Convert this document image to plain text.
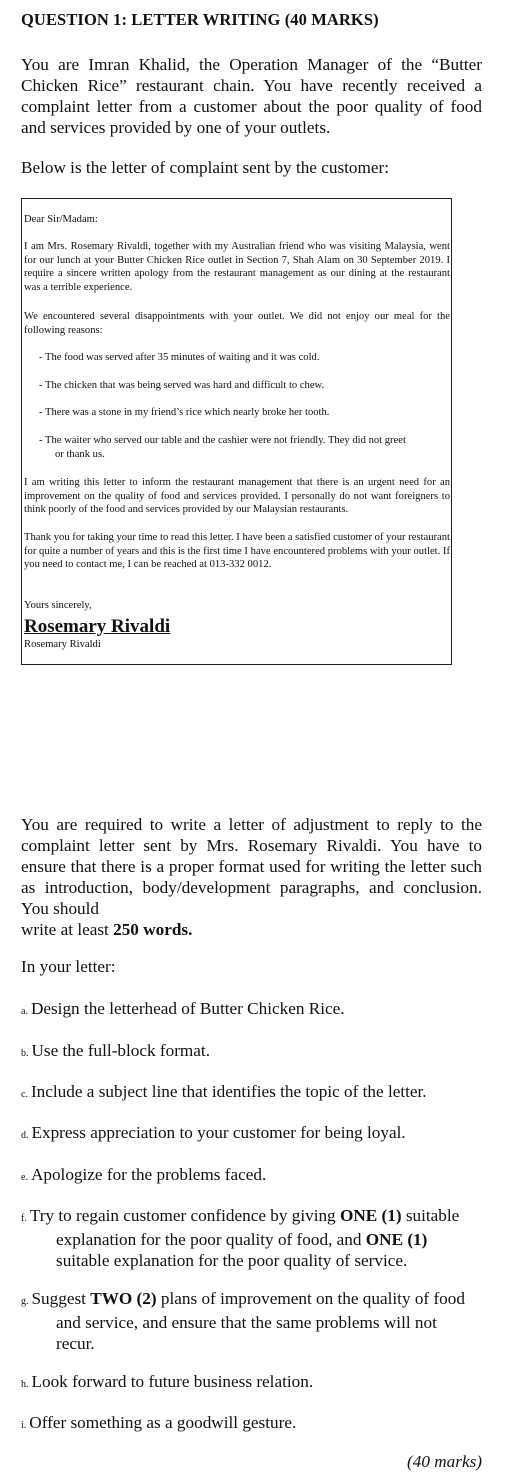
QUESTION 1: LETTER WRITING (40 MARKS)

You are Imran Khalid, the Operation Manager of the “Butter Chicken Rice” restaurant chain. You have recently received a complaint letter from a customer about the poor quality of food and services provided by one of your outlets.

Below is the letter of complaint sent by the customer:

Dear Sir/Madam:

I am Mrs. Rosemary Rivaldi, together with my Australian friend who was visiting Malaysia, went for our lunch at your Butter Chicken Rice outlet in Section 7, Shah Alam on 30 September 2019. I require a sincere written apology from the restaurant management as our dining at the restaurant was a terrible experience.

We encountered several disappointments with your outlet. We did not enjoy our meal for the following reasons:

- The food was served after 35 minutes of waiting and it was cold.

- The chicken that was being served was hard and difficult to chew.

- There was a stone in my friend’s rice which nearly broke her tooth.

- The waiter who served our table and the cashier were not friendly. They did not greet
or thank us.

I am writing this letter to inform the restaurant management that there is an urgent need for an improvement on the quality of food and services provided. I personally do not want foreigners to think poorly of the food and services provided by our Malaysian restaurants.

Thank you for taking your time to read this letter. I have been a satisfied customer of your restaurant for quite a number of years and this is the first time I have encountered problems with your outlet. If you need to contact me, I can be reached at 013-332 0012.

Yours sincerely,

Rosemary Rivaldi

Rosemary Rivaldi

You are required to write a letter of adjustment to reply to the complaint letter sent by Mrs. Rosemary Rivaldi. You have to ensure that there is a proper format used for writing the letter such as introduction, body/development paragraphs, and conclusion. You should

write at least 250 words.

In your letter:
a. Design the letterhead of Butter Chicken Rice.
b. Use the full-block format.
c. Include a subject line that identifies the topic of the letter.
d. Express appreciation to your customer for being loyal.
e. Apologize for the problems faced.
f. Try to regain customer confidence by giving ONE (1) suitable
explanation for the poor quality of food, and ONE (1)
suitable explanation for the poor quality of service.
g. Suggest TWO (2) plans of improvement on the quality of food
and service, and ensure that the same problems will not
recur.
h. Look forward to future business relation.
i. Offer something as a goodwill gesture.
(40 marks)
